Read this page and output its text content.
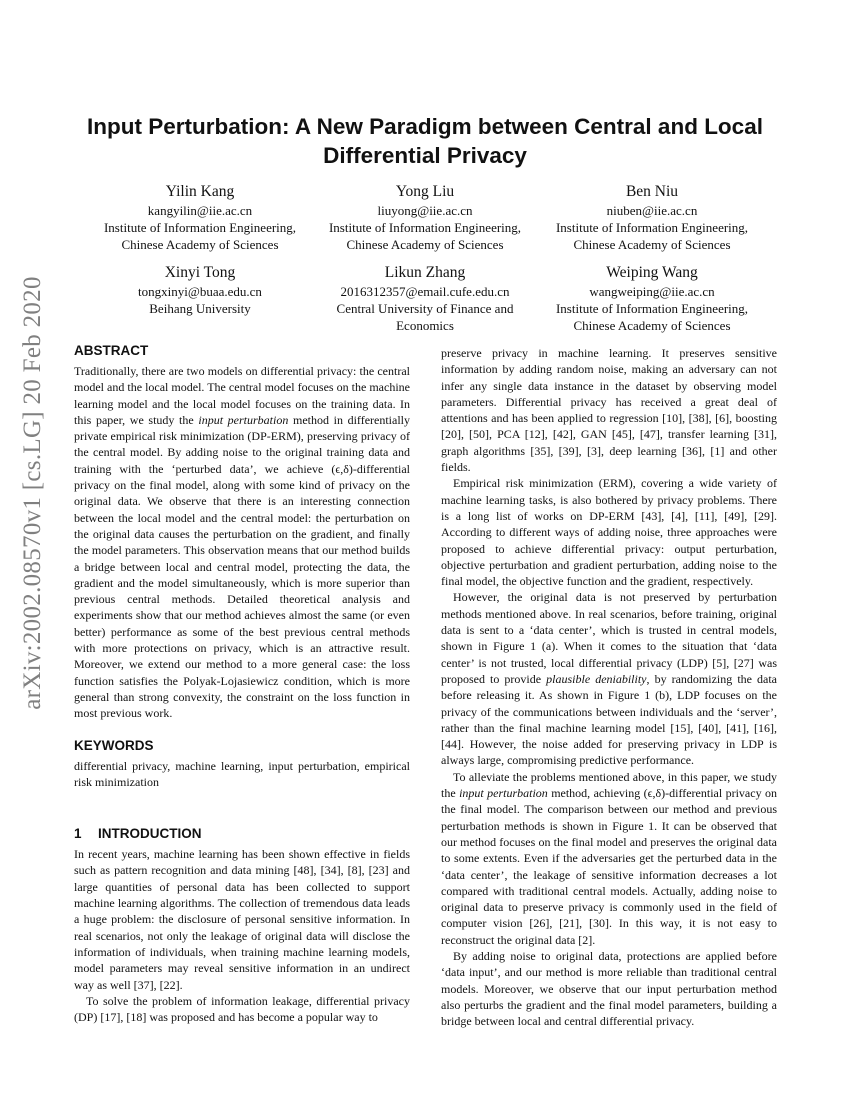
arXiv:2002.08570v1 [cs.LG] 20 Feb 2020
Input Perturbation: A New Paradigm between Central and Local
Differential Privacy
Yilin Kang
kangyilin@iie.ac.cn
Institute of Information Engineering,
Chinese Academy of Sciences
Yong Liu
liuyong@iie.ac.cn
Institute of Information Engineering,
Chinese Academy of Sciences
Ben Niu
niuben@iie.ac.cn
Institute of Information Engineering,
Chinese Academy of Sciences
Xinyi Tong
tongxinyi@buaa.edu.cn
Beihang University
Likun Zhang
2016312357@email.cufe.edu.cn
Central University of Finance and
Economics
Weiping Wang
wangweiping@iie.ac.cn
Institute of Information Engineering,
Chinese Academy of Sciences
ABSTRACT

Traditionally, there are two models on differential privacy: the central model and the local model. The central model focuses on the machine learning model and the local model focuses on the training data. In this paper, we study the input perturbation method in differentially private empirical risk minimization (DP-ERM), preserving privacy of the central model. By adding noise to the original training data and training with the ‘perturbed data’, we achieve (ϵ,δ)-differential privacy on the final model, along with some kind of privacy on the original data. We observe that there is an interesting connection between the local model and the central model: the perturbation on the original data causes the perturbation on the gradient, and finally the model parameters. This observation means that our method builds a bridge between local and central model, protecting the data, the gradient and the model simultaneously, which is more superior than previous central methods. Detailed theoretical analysis and experiments show that our method achieves almost the same (or even better) performance as some of the best previous central methods with more protections on privacy, which is an attractive result. Moreover, we extend our method to a more general case: the loss function satisfies the Polyak-Lojasiewicz condition, which is more general than strong convexity, the constraint on the loss function in most previous work.

KEYWORDS

differential privacy, machine learning, input perturbation, empirical risk minimization

1 INTRODUCTION

In recent years, machine learning has been shown effective in fields such as pattern recognition and data mining [48], [34], [8], [23] and large quantities of personal data has been collected to support machine learning algorithms. The collection of tremendous data leads a huge problem: the disclosure of personal sensitive information. In real scenarios, not only the leakage of original data will disclose the information of individuals, when training machine learning models, model parameters may reveal sensitive information in an undirect way as well [37], [22].

To solve the problem of information leakage, differential privacy (DP) [17], [18] was proposed and has become a popular way to

preserve privacy in machine learning. It preserves sensitive information by adding random noise, making an adversary can not infer any single data instance in the dataset by observing model parameters. Differential privacy has received a great deal of attentions and has been applied to regression [10], [38], [6], boosting [20], [50], PCA [12], [42], GAN [45], [47], transfer learning [31], graph algorithms [35], [39], [3], deep learning [36], [1] and other fields.

Empirical risk minimization (ERM), covering a wide variety of machine learning tasks, is also bothered by privacy problems. There is a long list of works on DP-ERM [43], [4], [11], [49], [29]. According to different ways of adding noise, three approaches were proposed to achieve differential privacy: output perturbation, objective perturbation and gradient perturbation, adding noise to the final model, the objective function and the gradient, respectively.

However, the original data is not preserved by perturbation methods mentioned above. In real scenarios, before training, original data is sent to a ‘data center’, which is trusted in central models, shown in Figure 1 (a). When it comes to the situation that ‘data center’ is not trusted, local differential privacy (LDP) [5], [27] was proposed to provide plausible deniability, by randomizing the data before releasing it. As shown in Figure 1 (b), LDP focuses on the privacy of the communications between individuals and the ‘server’, rather than the final machine learning model [15], [40], [41], [16], [44]. However, the noise added for preserving privacy in LDP is always large, compromising predictive performance.

To alleviate the problems mentioned above, in this paper, we study the input perturbation method, achieving (ϵ,δ)-differential privacy on the final model. The comparison between our method and previous perturbation methods is shown in Figure 1. It can be observed that our method focuses on the final model and preserves the original data to some extents. Even if the adversaries get the perturbed data in the ‘data center’, the leakage of sensitive information decreases a lot compared with traditional central models. Actually, adding noise to original data to preserve privacy is commonly used in the field of computer vision [26], [21], [30]. In this way, it is not easy to reconstruct the original data [2].

By adding noise to original data, protections are applied before ‘data input’, and our method is more reliable than traditional central models. Moreover, we observe that our input perturbation method also perturbs the gradient and the final model parameters, building a bridge between local and central differential privacy.
